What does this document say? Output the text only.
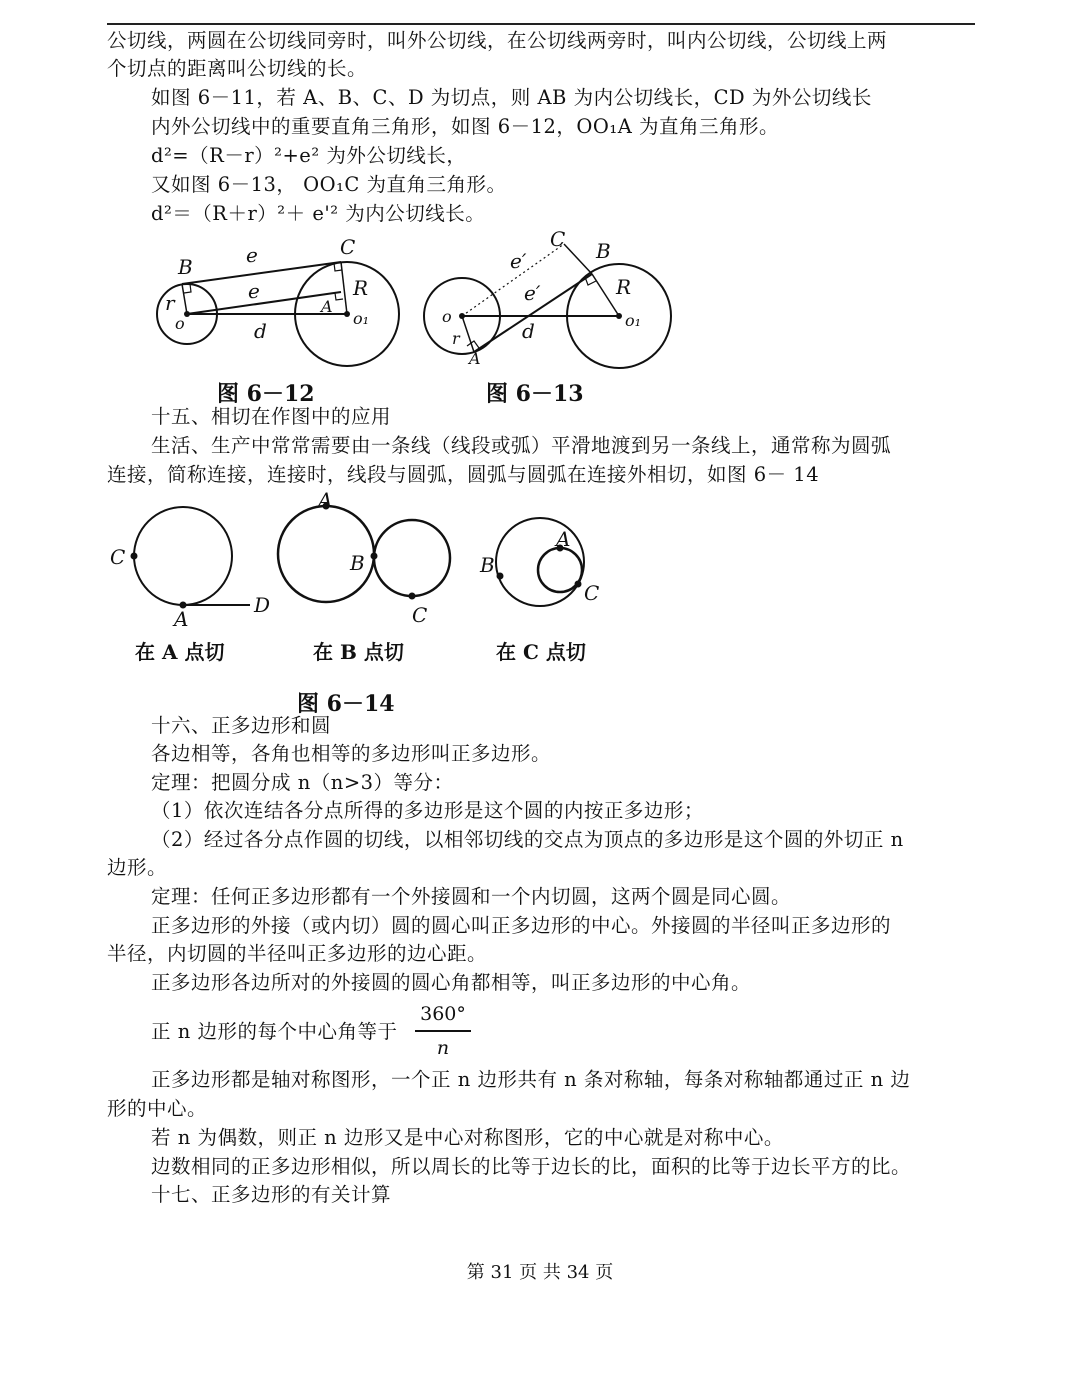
公切线，两圆在公切线同旁时，叫外公切线，在公切线两旁时，叫内公切线，公切线上两
个切点的距离叫公切线的长。
如图 6－11，若 A、B、C、D 为切点，则 AB 为内公切线长，CD 为外公切线长
内外公切线中的重要直角三角形，如图 6－12，OO₁A 为直角三角形。
d²=（R－r）²+e² 为外公切线长，
又如图 6－13， OO₁C 为直角三角形。
d²＝（R＋r）²＋ e'² 为内公切线长。
B
C
e
e	R
r	A
o	o₁
d
图 6－12
C B
e′
e′	R
o
r
A
d	o₁
图 6－13
十五、相切在作图中的应用
生活、生产中常常需要由一条线（线段或弧）平滑地渡到另一条线上，通常称为圆弧
连接，简称连接，连接时，线段与圆弧，圆弧与圆弧在连接外相切，如图 6－ 14
C
A
D
A
B
C
B
A
C
在 A 点切	在 B 点切	在 C 点切
图 6－14
十六、正多边形和圆
各边相等，各角也相等的多边形叫正多边形。
定理：把圆分成 n（n>3）等分：
（1）依次连结各分点所得的多边形是这个圆的内按正多边形；
（2）经过各分点作圆的切线，以相邻切线的交点为顶点的多边形是这个圆的外切正 n
边形。
定理：任何正多边形都有一个外接圆和一个内切圆，这两个圆是同心圆。
正多边形的外接（或内切）圆的圆心叫正多边形的中心。外接圆的半径叫正多边形的
半径，内切圆的半径叫正多边形的边心距。
正多边形各边所对的外接圆的圆心角都相等，叫正多边形的中心角。
正 n 边形的每个中心角等于
360°
n
正多边形都是轴对称图形，一个正 n 边形共有 n 条对称轴，每条对称轴都通过正 n 边
形的中心。
若 n 为偶数，则正 n 边形又是中心对称图形，它的中心就是对称中心。
边数相同的正多边形相似，所以周长的比等于边长的比，面积的比等于边长平方的比。
十七、正多边形的有关计算
第 31 页 共 34 页
